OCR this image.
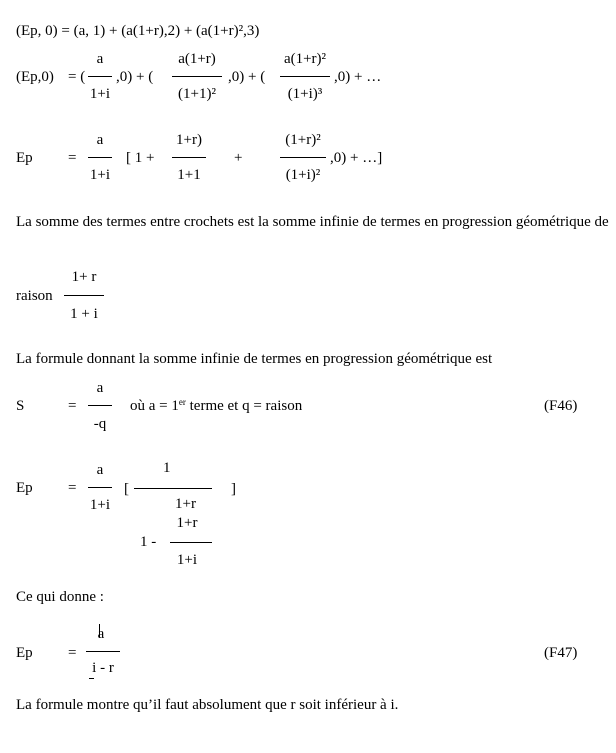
(Ep, 0) = (a, 1) + (a(1+r),2) + (a(1+r)²,3)
(Ep,0) = (
a
1+i
,0) + (
a(1+r)
(1+1)²
,0) + (
a(1+r)²
(1+i)³
,0) + …
Ep =
a
1+i
[ 1 +
1+r)
1+1
+
(1+r)²
(1+i)²
,0) + …]
La somme des termes entre crochets est la somme infinie de termes en progression géométrique de
raison
1+ r
1 + i
La formule donnant la somme infinie de termes en progression géométrique est
S	=
a
-q
où a = 1er terme et q = raison	(F46)
Ep =
a
1+i
[
1
]
1+r
1 -
1+r
1+i
Ce qui donne :
Ep =
a
i - r
(F47)
La formule montre qu’il faut absolument que r soit inférieur à i.
